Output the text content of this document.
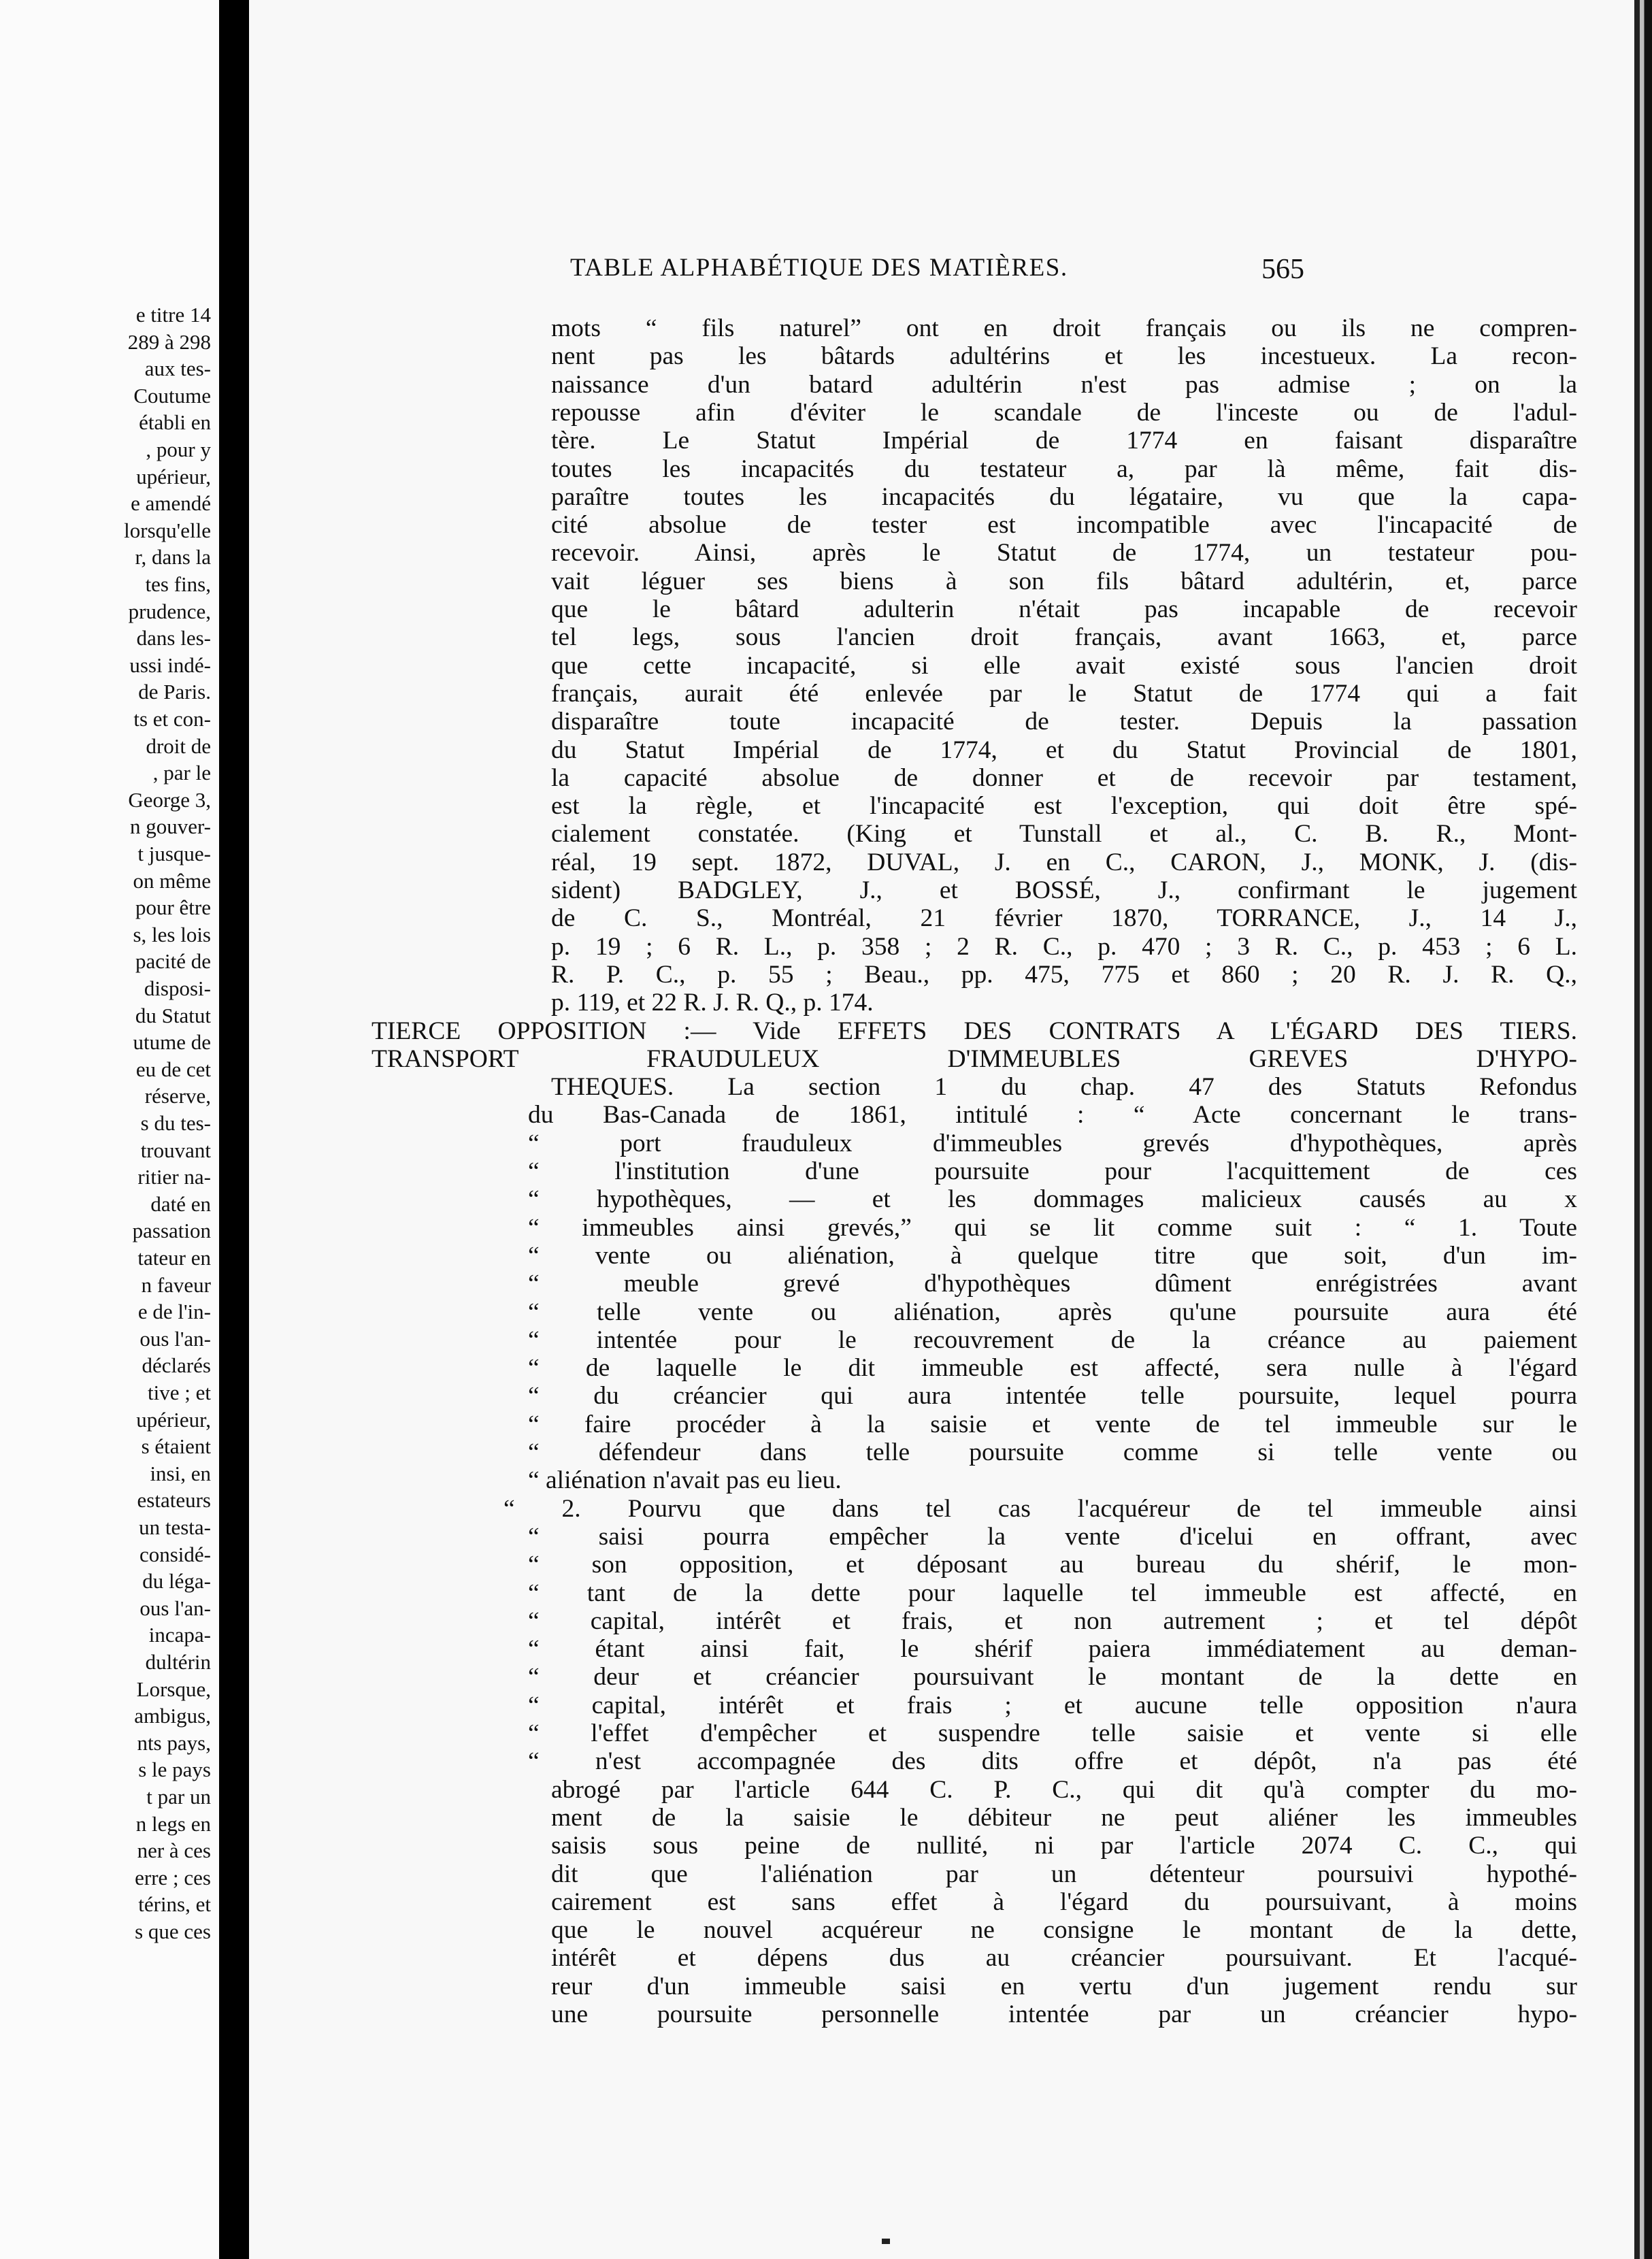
e titre 14
289 à 298
aux tes-
Coutume
établi en
, pour y
upérieur,
e amendé
lorsqu'elle
r, dans la
tes fins,
prudence,
dans les-
ussi indé-
de Paris.
ts et con-
droit de
, par le
George 3,
n gouver-
t jusque-
on même
pour être
s, les lois
pacité de
disposi-
du Statut
utume de
eu de cet
réserve,
s du tes-
trouvant
ritier na-
daté en
passation
tateur en
n faveur
e de l'in-
ous l'an-
déclarés
tive ; et
upérieur,
s étaient
insi, en
estateurs
un testa-
considé-
du léga-
ous l'an-
incapa-
dultérin
Lorsque,
ambigus,
nts pays,
s le pays
t par un
n legs en
ner à ces
erre ; ces
térins, et
s que ces
TABLE ALPHABÉTIQUE DES MATIÈRES.	565
mots “ fils naturel” ont en droit français ou ils ne compren-
nent pas les bâtards adultérins et les incestueux. La recon-
naissance d'un batard adultérin n'est pas admise ; on la
repousse afin d'éviter le scandale de l'inceste ou de l'adul-
tère. Le Statut Impérial de 1774 en faisant disparaître
toutes les incapacités du testateur a, par là même, fait dis-
paraître toutes les incapacités du légataire, vu que la capa-
cité absolue de tester est incompatible avec l'incapacité de
recevoir. Ainsi, après le Statut de 1774, un testateur pou-
vait léguer ses biens à son fils bâtard adultérin, et, parce
que le bâtard adulterin n'était pas incapable de recevoir
tel legs, sous l'ancien droit français, avant 1663, et, parce
que cette incapacité, si elle avait existé sous l'ancien droit
français, aurait été enlevée par le Statut de 1774 qui a fait
disparaître toute incapacité de tester. Depuis la passation
du Statut Impérial de 1774, et du Statut Provincial de 1801,
la capacité absolue de donner et de recevoir par testament,
est la règle, et l'incapacité est l'exception, qui doit être spé-
cialement constatée. (King et Tunstall et al., C. B. R., Mont-
réal, 19 sept. 1872, DUVAL, J. en C., CARON, J., MONK, J. (dis-
sident) BADGLEY, J., et BOSSÉ, J., confirmant le jugement
de C. S., Montréal, 21 février 1870, TORRANCE, J., 14 J.,
p. 19 ; 6 R. L., p. 358 ; 2 R. C., p. 470 ; 3 R. C., p. 453 ; 6 L.
R. P. C., p. 55 ; Beau., pp. 475, 775 et 860 ; 20 R. J. R. Q.,
p. 119, et 22 R. J. R. Q., p. 174.
TIERCE OPPOSITION :— Vide EFFETS DES CONTRATS A L'ÉGARD DES TIERS.
TRANSPORT FRAUDULEUX D'IMMEUBLES GREVES D'HYPO-
THEQUES. La section 1 du chap. 47 des Statuts Refondus
du Bas-Canada de 1861, intitulé : “ Acte concernant le trans-
“ port frauduleux d'immeubles grevés d'hypothèques, après
“ l'institution d'une poursuite pour l'acquittement de ces
“ hypothèques, — et les dommages malicieux causés au x
“ immeubles ainsi grevés,” qui se lit comme suit : “ 1. Toute
“ vente ou aliénation, à quelque titre que soit, d'un im-
“ meuble grevé d'hypothèques dûment enrégistrées avant
“ telle vente ou aliénation, après qu'une poursuite aura été
“ intentée pour le recouvrement de la créance au paiement
“ de laquelle le dit immeuble est affecté, sera nulle à l'égard
“ du créancier qui aura intentée telle poursuite, lequel pourra
“ faire procéder à la saisie et vente de tel immeuble sur le
“ défendeur dans telle poursuite comme si telle vente ou
“ aliénation n'avait pas eu lieu.
“ 2. Pourvu que dans tel cas l'acquéreur de tel immeuble ainsi
“ saisi pourra empêcher la vente d'icelui en offrant, avec
“ son opposition, et déposant au bureau du shérif, le mon-
“ tant de la dette pour laquelle tel immeuble est affecté, en
“ capital, intérêt et frais, et non autrement ; et tel dépôt
“ étant ainsi fait, le shérif paiera immédiatement au deman-
“ deur et créancier poursuivant le montant de la dette en
“ capital, intérêt et frais ; et aucune telle opposition n'aura
“ l'effet d'empêcher et suspendre telle saisie et vente si elle
“ n'est accompagnée des dits offre et dépôt, n'a pas été
abrogé par l'article 644 C. P. C., qui dit qu'à compter du mo-
ment de la saisie le débiteur ne peut aliéner les immeubles
saisis sous peine de nullité, ni par l'article 2074 C. C., qui
dit que l'aliénation par un détenteur poursuivi hypothé-
cairement est sans effet à l'égard du poursuivant, à moins
que le nouvel acquéreur ne consigne le montant de la dette,
intérêt et dépens dus au créancier poursuivant. Et l'acqué-
reur d'un immeuble saisi en vertu d'un jugement rendu sur
une poursuite personnelle intentée par un créancier hypo-
